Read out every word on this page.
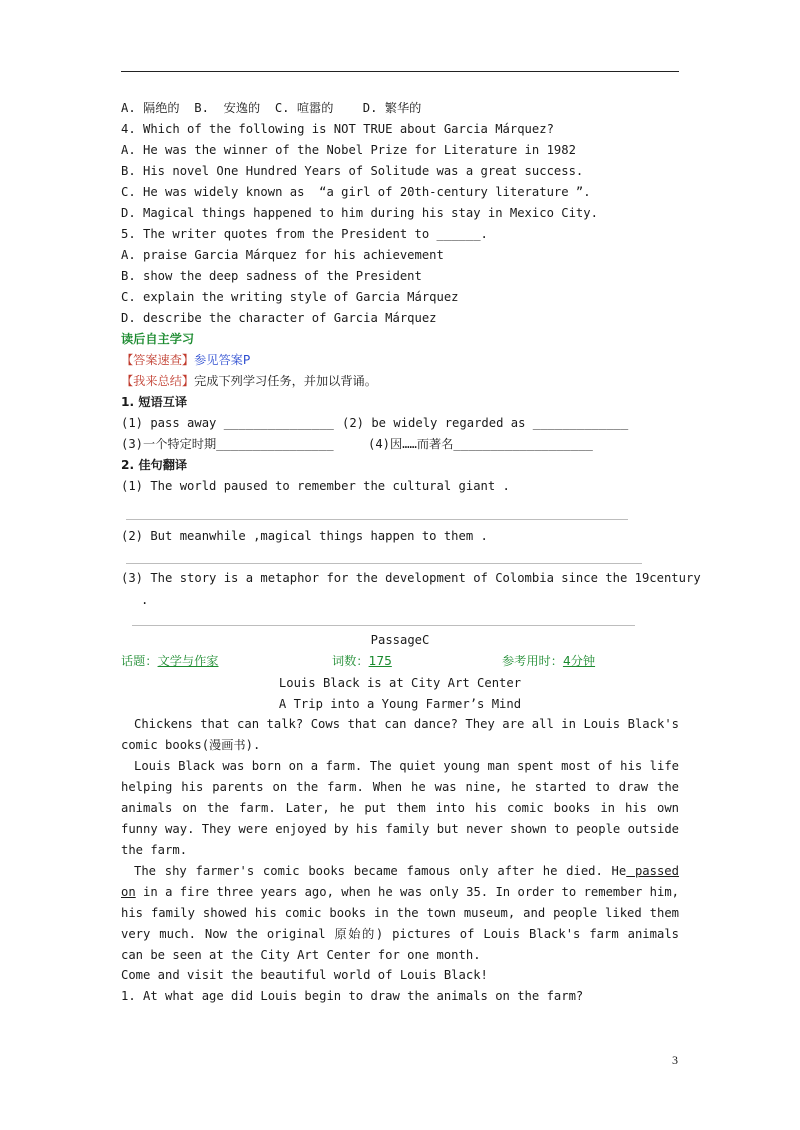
A. 隔绝的  B.  安逸的  C. 喧嚣的    D. 繁华的
4. Which of the following is NOT TRUE about Garcia Márquez?
A. He was the winner of the Nobel Prize for Literature in 1982
B. His novel One Hundred Years of Solitude was a great success.
C. He was widely known as  “a girl of 20th-century literature ”.
D. Magical things happened to him during his stay in Mexico City.
5. The writer quotes from the President to ______.
A. praise Garcia Márquez for his achievement
B. show the deep sadness of the President
C. explain the writing style of Garcia Márquez
D. describe the character of Garcia Márquez
读后自主学习
【答案速查】参见答案P
【我来总结】完成下列学习任务，并加以背诵。
1. 短语互译
(1) pass away _______________ (2) be widely regarded as _____________
(3)一个特定时期________________	(4)因……而著名___________________
2. 佳句翻译
(1) The world paused to remember the cultural giant .
(2) But meanwhile ,magical things happen to them .
(3) The story is a metaphor for the development of Colombia since the 19century
.
PassageC
话题：文学与作家	词数：175	参考用时：4分钟
Louis Black is at City Art Center
A Trip into a Young Farmer’s Mind
Chickens that can talk? Cows that can dance? They are all in Louis Black's comic books(漫画书).
Louis Black was born on a farm. The quiet young man spent most of his life helping his parents on the farm. When he was nine, he started to draw the animals on the farm. Later, he put them into his comic books in his own funny way. They were enjoyed by his family but never shown to people outside the farm.
The shy farmer's comic books became famous only after he died. He passed on in a fire three years ago, when he was only 35. In order to remember him, his family showed his comic books in the town museum, and people liked them very much. Now the original 原始的) pictures of Louis Black's farm animals can be seen at the City Art Center for one month.
Come and visit the beautiful world of Louis Black!
1. At what age did Louis begin to draw the animals on the farm?
3
